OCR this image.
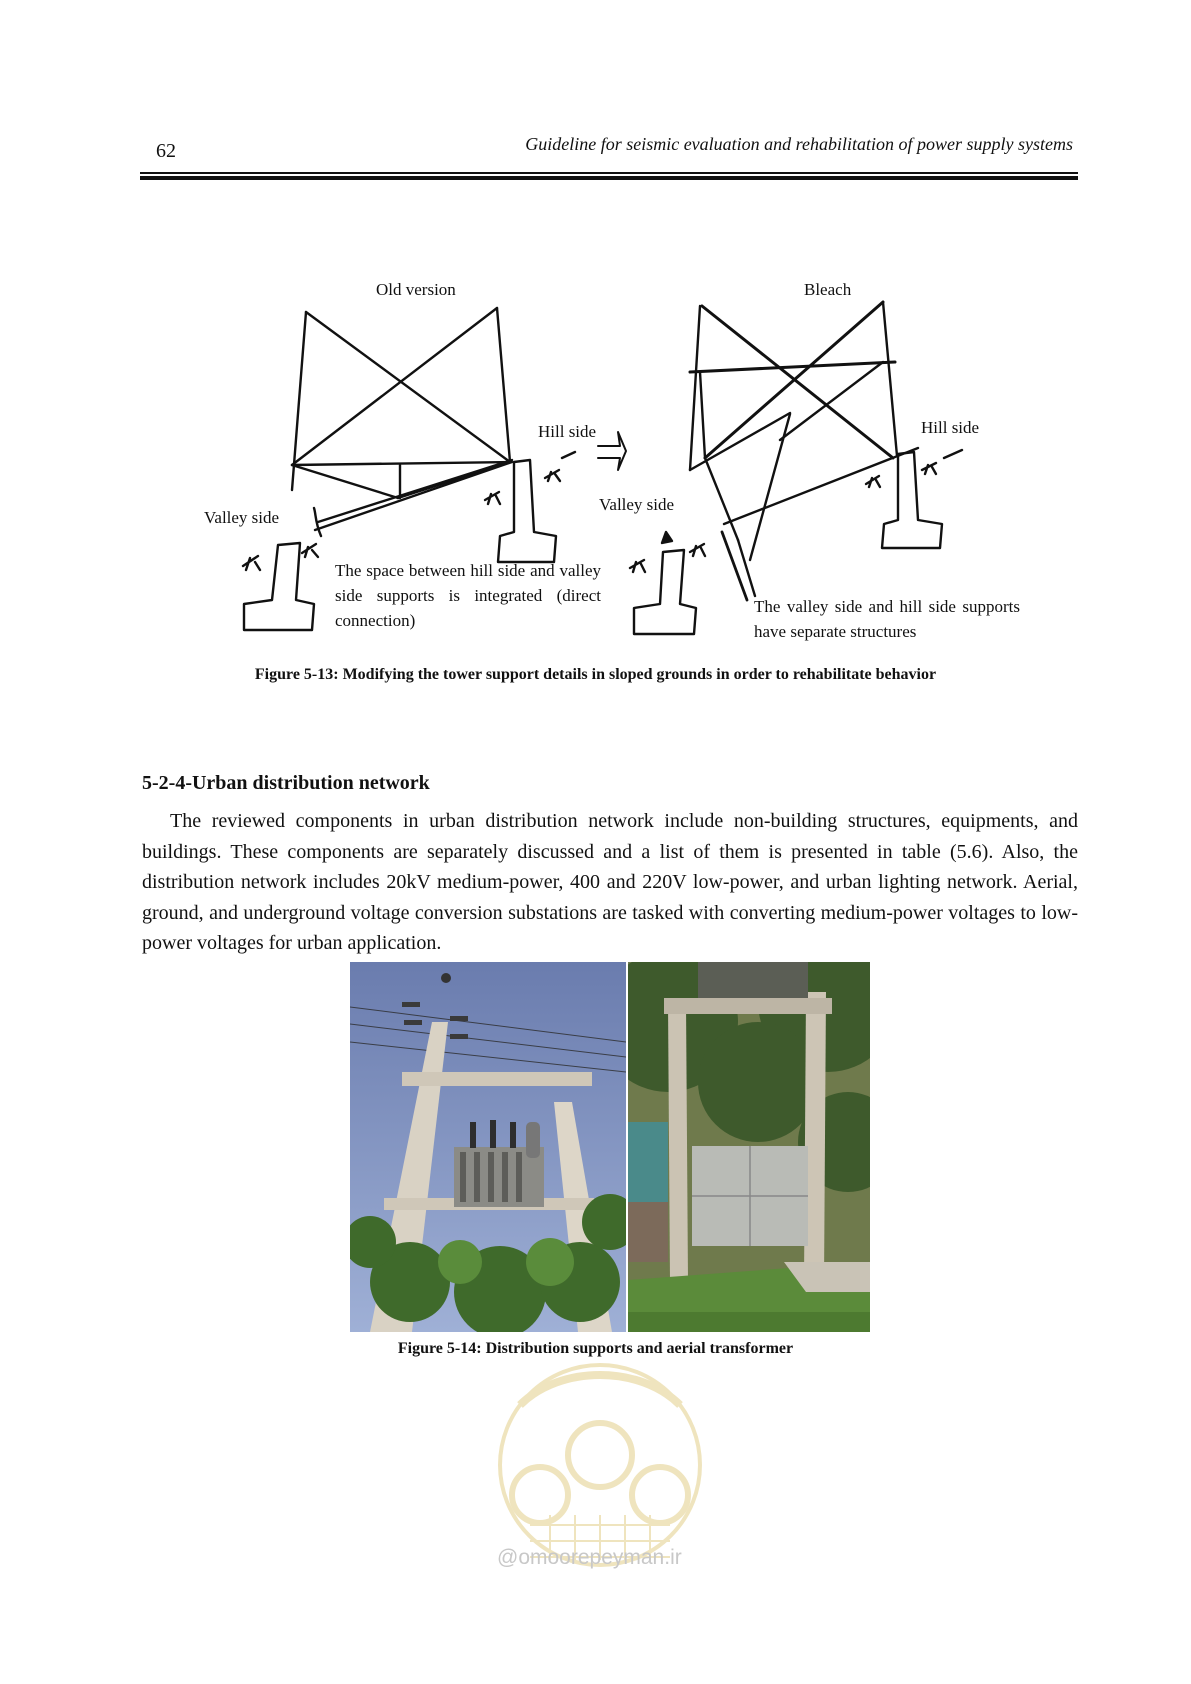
62	Guideline for seismic evaluation and rehabilitation of power supply systems
Old version	Bleach
Hill side
Valley side
Hill side
Valley side
The space between hill side and valley side supports is integrated (direct connection)
The valley side and hill side supports have separate structures
Figure 5-13: Modifying the tower support details in sloped grounds in order to rehabilitate behavior
5-2-4-Urban distribution network
The reviewed components in urban distribution network include non-building structures, equipments, and buildings. These components are separately discussed and a list of them is presented in table (5.6). Also, the distribution network includes 20kV medium-power, 400 and 220V low-power, and urban lighting network. Aerial, ground, and underground voltage conversion substations are tasked with converting medium-power voltages to low-power voltages for urban application.
Figure 5-14: Distribution supports and aerial transformer
@omoorepeyman.ir
